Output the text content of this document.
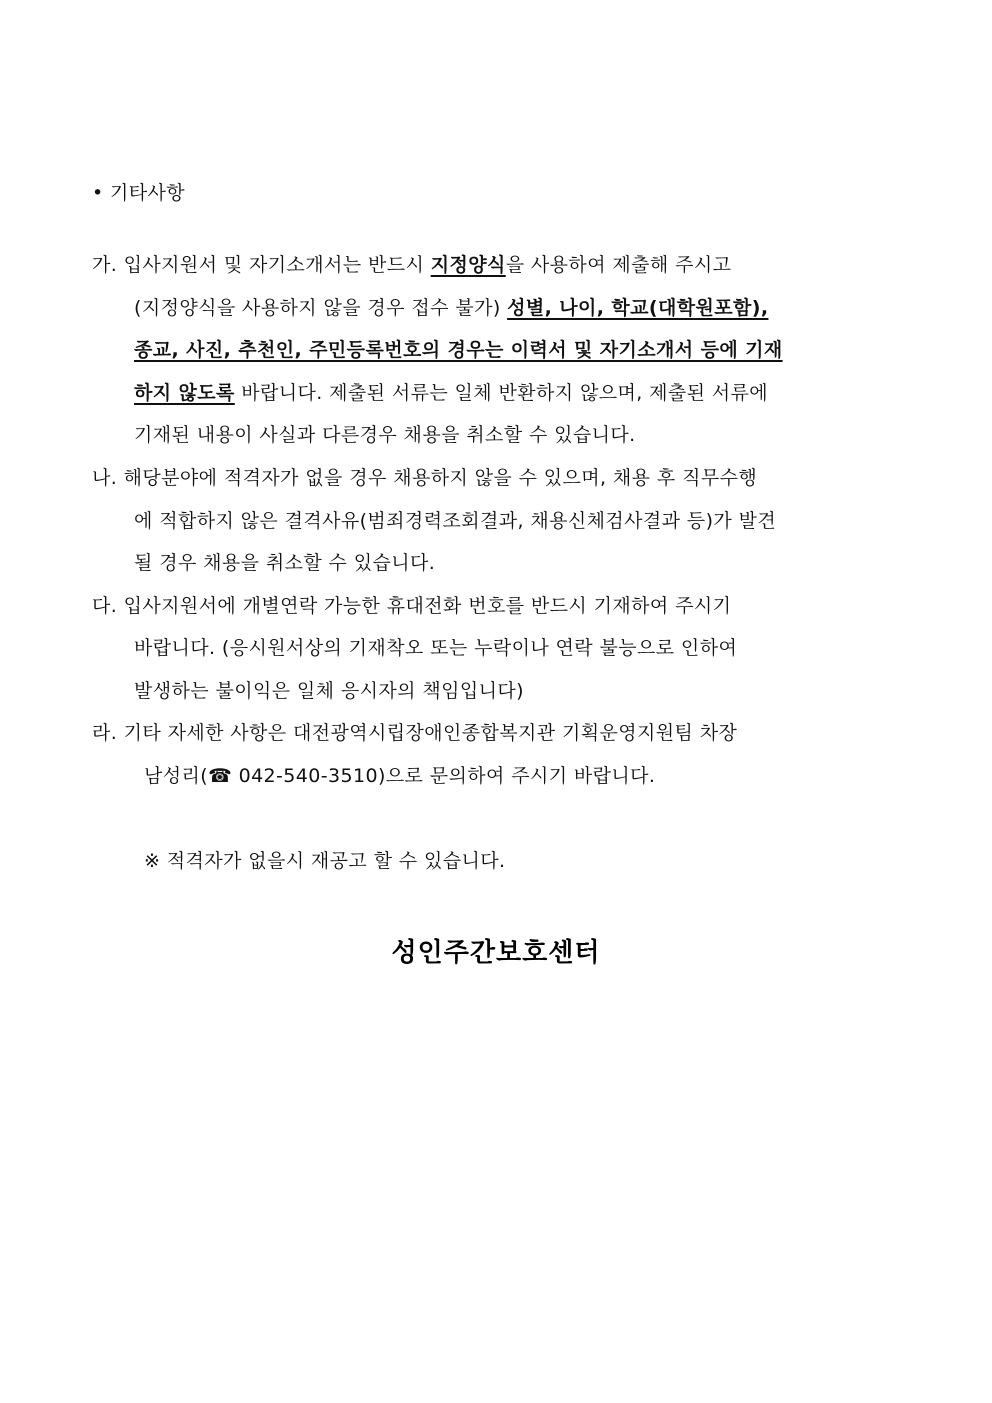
• 기타사항
가. 입사지원서 및 자기소개서는 반드시 지정양식을 사용하여 제출해 주시고
(지정양식을 사용하지 않을 경우 접수 불가) 성별, 나이, 학교(대학원포함),
종교, 사진, 추천인, 주민등록번호의 경우는 이력서 및 자기소개서 등에 기재
하지 않도록 바랍니다. 제출된 서류는 일체 반환하지 않으며, 제출된 서류에
기재된 내용이 사실과 다른경우 채용을 취소할 수 있습니다.
나. 해당분야에 적격자가 없을 경우 채용하지 않을 수 있으며, 채용 후 직무수행
에 적합하지 않은 결격사유(범죄경력조회결과, 채용신체검사결과 등)가 발견
될 경우 채용을 취소할 수 있습니다.
다. 입사지원서에 개별연락 가능한 휴대전화 번호를 반드시 기재하여 주시기
바랍니다. (응시원서상의 기재착오 또는 누락이나 연락 불능으로 인하여
발생하는 불이익은 일체 응시자의 책임입니다)
라. 기타 자세한 사항은 대전광역시립장애인종합복지관 기획운영지원팀 차장
남성리(☎ 042-540-3510)으로 문의하여 주시기 바랍니다.
※ 적격자가 없을시 재공고 할 수 있습니다.
성인주간보호센터
